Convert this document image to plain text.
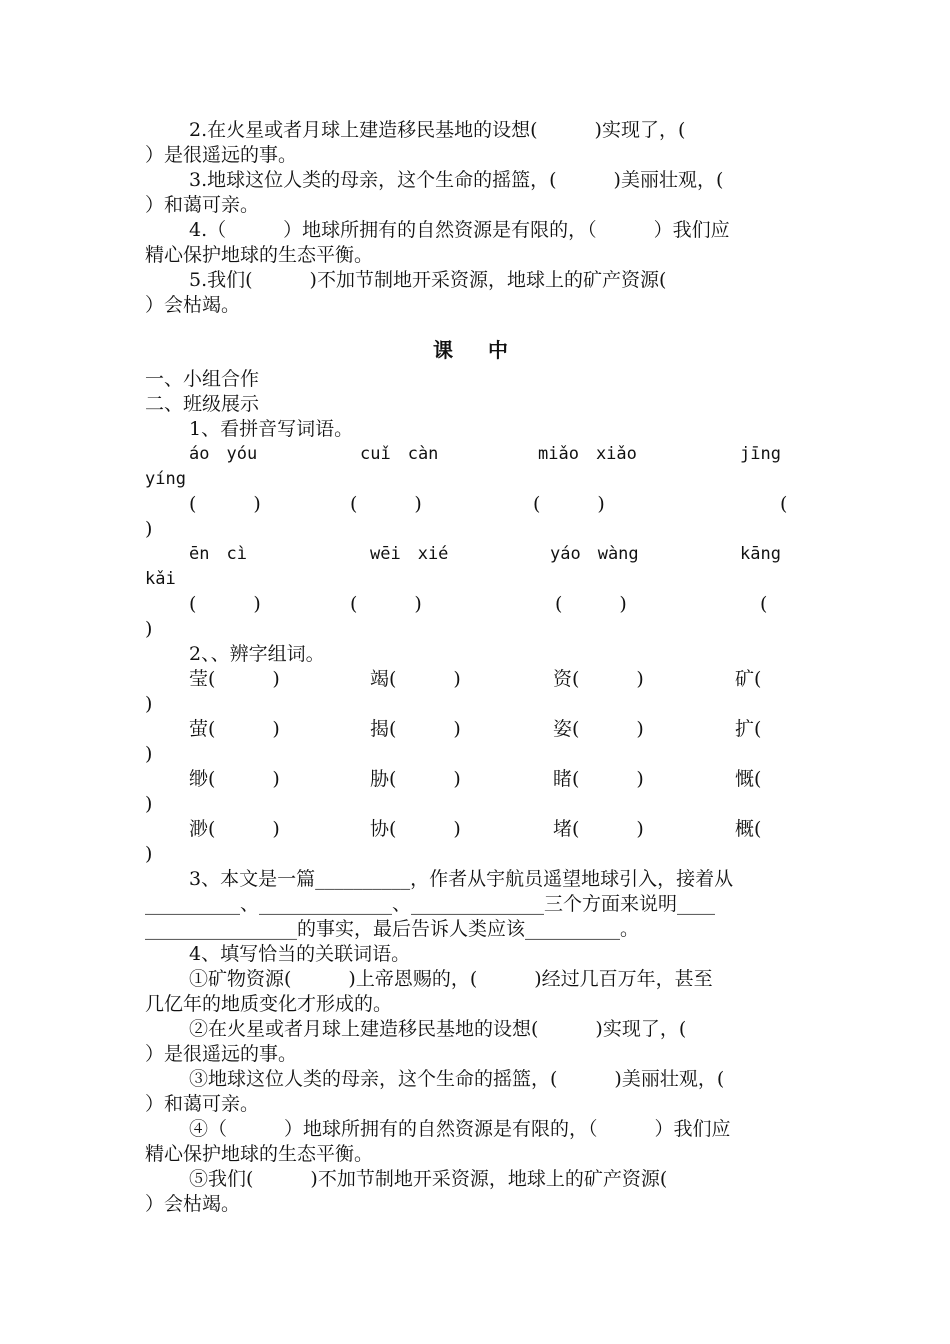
2.在火星或者月球上建造移民基地的设想(　　　)实现了，(

）是很遥远的事。

3.地球这位人类的母亲，这个生命的摇篮，(　　　)美丽壮观，(

）和蔼可亲。

4.（　　　）地球所拥有的自然资源是有限的，（　　　）我们应

精心保护地球的生态平衡。

5.我们(　　　)不加节制地开采资源，地球上的矿产资源(

）会枯竭。

课 中

一、小组合作

二、班级展示

1、看拼音写词语。

áo　yóu	cuǐ　càn	miǎo　xiǎo	jīng

yíng

(　　　)	(　　　)	(　　　)	(

)

ēn　cì	wēi　xié	yáo　wàng	kāng

kǎi

(　　　)	(　　　)	(　　　)	(

)

2、、辨字组词。

莹(　　　)	竭(　　　)	资(　　　)	矿(

)

萤(　　　)	揭(　　　)	姿(　　　)	扩(

)

缈(　　　)	胁(　　　)	睹(　　　)	慨(

)

渺(　　　)	协(　　　)	堵(　　　)	概(

)

3、本文是一篇__________，作者从宇航员遥望地球引入，接着从

__________、______________、______________三个方面来说明____

________________的事实，最后告诉人类应该__________。

4、填写恰当的关联词语。

①矿物资源(　　　)上帝恩赐的，(　　　)经过几百万年，甚至

几亿年的地质变化才形成的。

②在火星或者月球上建造移民基地的设想(　　　)实现了，(

）是很遥远的事。

③地球这位人类的母亲，这个生命的摇篮，(　　　)美丽壮观，(

）和蔼可亲。

④（　　　）地球所拥有的自然资源是有限的，（　　　）我们应

精心保护地球的生态平衡。

⑤我们(　　　)不加节制地开采资源，地球上的矿产资源(

）会枯竭。
